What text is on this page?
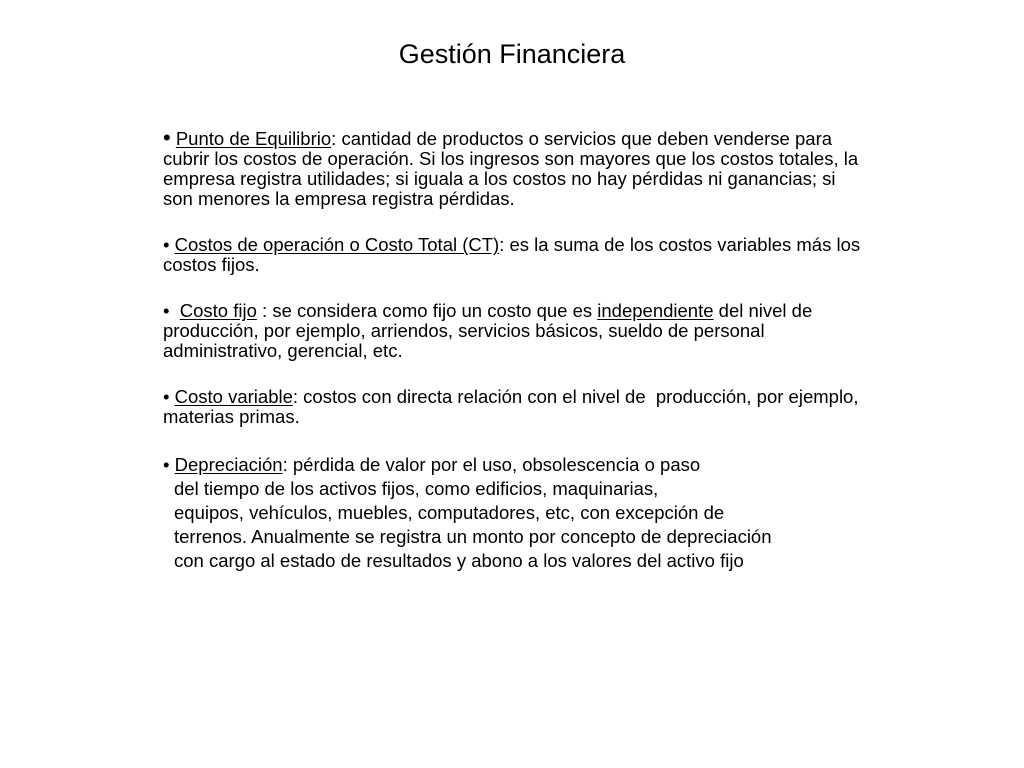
Gestión Financiera
• Punto de Equilibrio: cantidad de productos o servicios que deben venderse para cubrir los costos de operación. Si los ingresos son mayores que los costos totales, la empresa registra utilidades; si iguala a los costos no hay pérdidas ni ganancias; si son menores la empresa registra pérdidas.
• Costos de operación o Costo Total (CT): es la suma de los costos variables más los costos fijos.
• Costo fijo : se considera como fijo un costo que es independiente del nivel de producción, por ejemplo, arriendos, servicios básicos, sueldo de personal administrativo, gerencial, etc.
• Costo variable: costos con directa relación con el nivel de  producción, por ejemplo, materias primas.
• Depreciación: pérdida de valor por el uso, obsolescencia o paso
del tiempo de los activos fijos, como edificios, maquinarias,
equipos, vehículos, muebles, computadores, etc, con excepción de
terrenos. Anualmente se registra un monto por concepto de depreciación
con cargo al estado de resultados y abono a los valores del activo fijo
